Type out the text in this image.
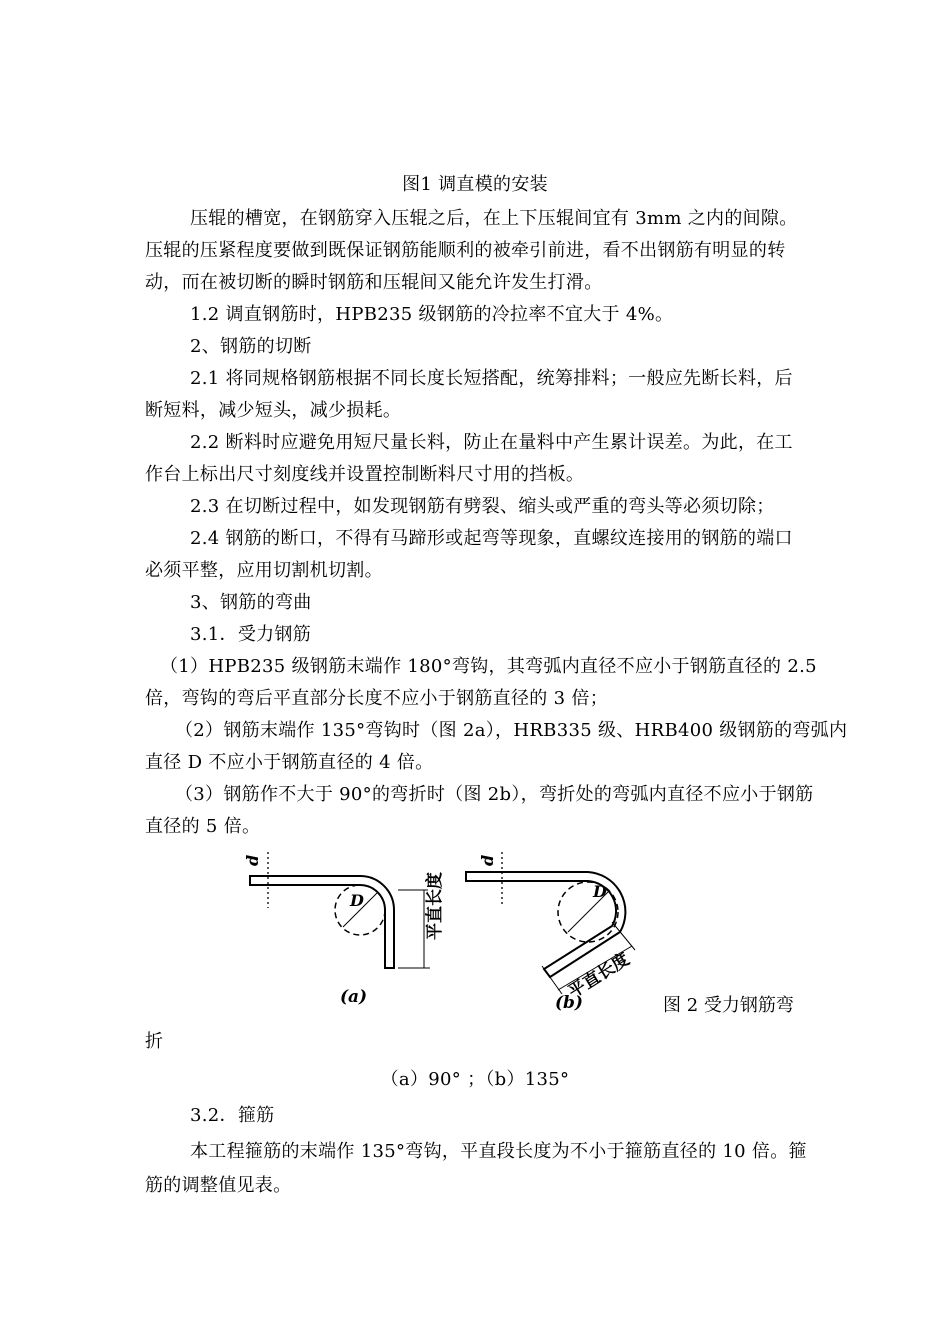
图1 调直模的安装
压辊的槽宽，在钢筋穿入压辊之后，在上下压辊间宜有 3mm 之内的间隙。
压辊的压紧程度要做到既保证钢筋能顺利的被牵引前进，看不出钢筋有明显的转
动，而在被切断的瞬时钢筋和压辊间又能允许发生打滑。
1.2 调直钢筋时，HPB235 级钢筋的冷拉率不宜大于 4%。
2、钢筋的切断
2.1 将同规格钢筋根据不同长度长短搭配，统筹排料；一般应先断长料，后
断短料，减少短头，减少损耗。
2.2 断料时应避免用短尺量长料，防止在量料中产生累计误差。为此，在工
作台上标出尺寸刻度线并设置控制断料尺寸用的挡板。
2.3 在切断过程中，如发现钢筋有劈裂、缩头或严重的弯头等必须切除；
2.4 钢筋的断口，不得有马蹄形或起弯等现象，直螺纹连接用的钢筋的端口
必须平整，应用切割机切割。
3、钢筋的弯曲
3.1．受力钢筋
（1）HPB235 级钢筋末端作 180°弯钩，其弯弧内直径不应小于钢筋直径的 2.5
倍，弯钩的弯后平直部分长度不应小于钢筋直径的 3 倍；
（2）钢筋末端作 135°弯钩时（图 2a），HRB335 级、HRB400 级钢筋的弯弧内
直径 D 不应小于钢筋直径的 4 倍。
（3）钢筋作不大于 90°的弯折时（图 2b），弯折处的弯弧内直径不应小于钢筋
直径的 5 倍。
d
D	平直长度
(a)
d
D
平直长度
(b)	图 2 受力钢筋弯
折
（a）90° ；（b）135°
3.2．箍筋
本工程箍筋的末端作 135°弯钩，平直段长度为不小于箍筋直径的 10 倍。箍
筋的调整值见表。
